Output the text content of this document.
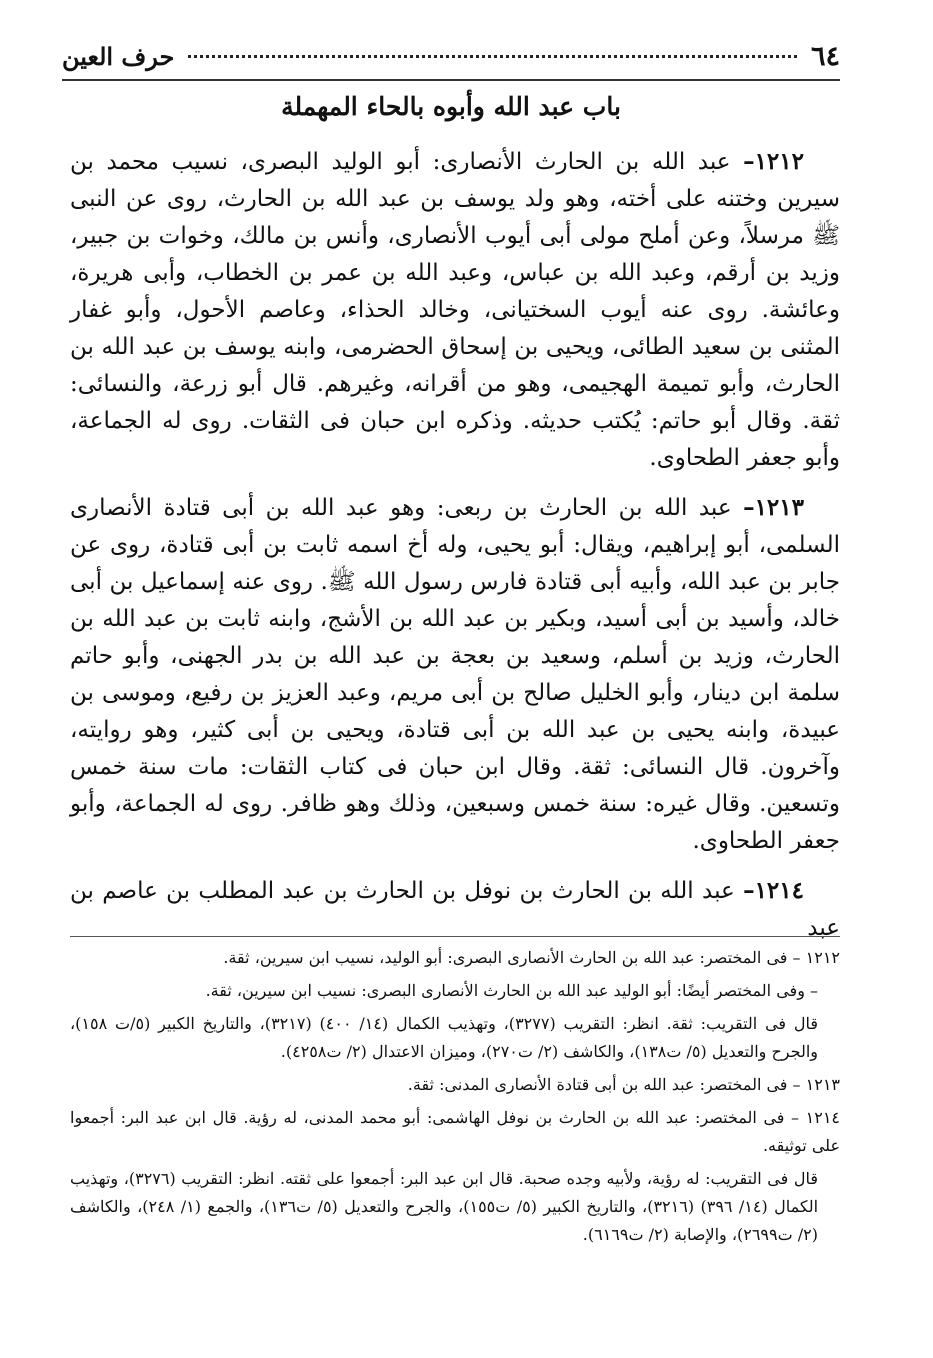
٦٤
حرف العين
باب عبد الله وأبوه بالحاء المهملة

١٢١٢– عبد الله بن الحارث الأنصارى: أبو الوليد البصرى، نسيب محمد بن سيرين وختنه على أخته، وهو ولد يوسف بن عبد الله بن الحارث، روى عن النبى ﷺ مرسلاً، وعن أملح مولى أبى أيوب الأنصارى، وأنس بن مالك، وخوات بن جبير، وزيد بن أرقم، وعبد الله بن عباس، وعبد الله بن عمر بن الخطاب، وأبى هريرة، وعائشة. روى عنه أيوب السختيانى، وخالد الحذاء، وعاصم الأحول، وأبو غفار المثنى بن سعيد الطائى، ويحيى بن إسحاق الحضرمى، وابنه يوسف بن عبد الله بن الحارث، وأبو تميمة الهجيمى، وهو من أقرانه، وغيرهم. قال أبو زرعة، والنسائى: ثقة. وقال أبو حاتم: يُكتب حديثه. وذكره ابن حبان فى الثقات. روى له الجماعة، وأبو جعفر الطحاوى.

١٢١٣– عبد الله بن الحارث بن ربعى: وهو عبد الله بن أبى قتادة الأنصارى السلمى، أبو إبراهيم، ويقال: أبو يحيى، وله أخ اسمه ثابت بن أبى قتادة، روى عن جابر بن عبد الله، وأبيه أبى قتادة فارس رسول الله ﷺ. روى عنه إسماعيل بن أبى خالد، وأسيد بن أبى أسيد، وبكير بن عبد الله بن الأشج، وابنه ثابت بن عبد الله بن الحارث، وزيد بن أسلم، وسعيد بن بعجة بن عبد الله بن بدر الجهنى، وأبو حاتم سلمة ابن دينار، وأبو الخليل صالح بن أبى مريم، وعبد العزيز بن رفيع، وموسى بن عبيدة، وابنه يحيى بن عبد الله بن أبى قتادة، ويحيى بن أبى كثير، وهو روايته، وآخرون. قال النسائى: ثقة. وقال ابن حبان فى كتاب الثقات: مات سنة خمس وتسعين. وقال غيره: سنة خمس وسبعين، وذلك وهو ظافر. روى له الجماعة، وأبو جعفر الطحاوى.

١٢١٤– عبد الله بن الحارث بن نوفل بن الحارث بن عبد المطلب بن عاصم بن عبد

١٢١٢ – فى المختصر: عبد الله بن الحارث الأنصارى البصرى: أبو الوليد، نسيب ابن سيرين، ثقة.

– وفى المختصر أيضًا: أبو الوليد عبد الله بن الحارث الأنصارى البصرى: نسيب ابن سيرين، ثقة.

قال فى التقريب: ثقة. انظر: التقريب (٣٢٧٧)، وتهذيب الكمال (١٤/ ٤٠٠) (٣٢١٧)، والتاريخ الكبير (٥/ت ١٥٨)، والجرح والتعديل (٥/ ت١٣٨)، والكاشف (٢/ ت٢٧٠)، وميزان الاعتدال (٢/ ت٤٢٥٨).

١٢١٣ – فى المختصر: عبد الله بن أبى قتادة الأنصارى المدنى: ثقة.

١٢١٤ – فى المختصر: عبد الله بن الحارث بن نوفل الهاشمى: أبو محمد المدنى، له رؤية. قال ابن عبد البر: أجمعوا على توثيقه.

قال فى التقريب: له رؤية، ولأبيه وجده صحبة. قال ابن عبد البر: أجمعوا على ثقته. انظر: التقريب (٣٢٧٦)، وتهذيب الكمال (١٤/ ٣٩٦) (٣٢١٦)، والتاريخ الكبير (٥/ ت١٥٥)، والجرح والتعديل (٥/ ت١٣٦)، والجمع (١/ ٢٤٨)، والكاشف (٢/ ت٢٦٩٩)، والإصابة (٢/ ت٦١٦٩).
